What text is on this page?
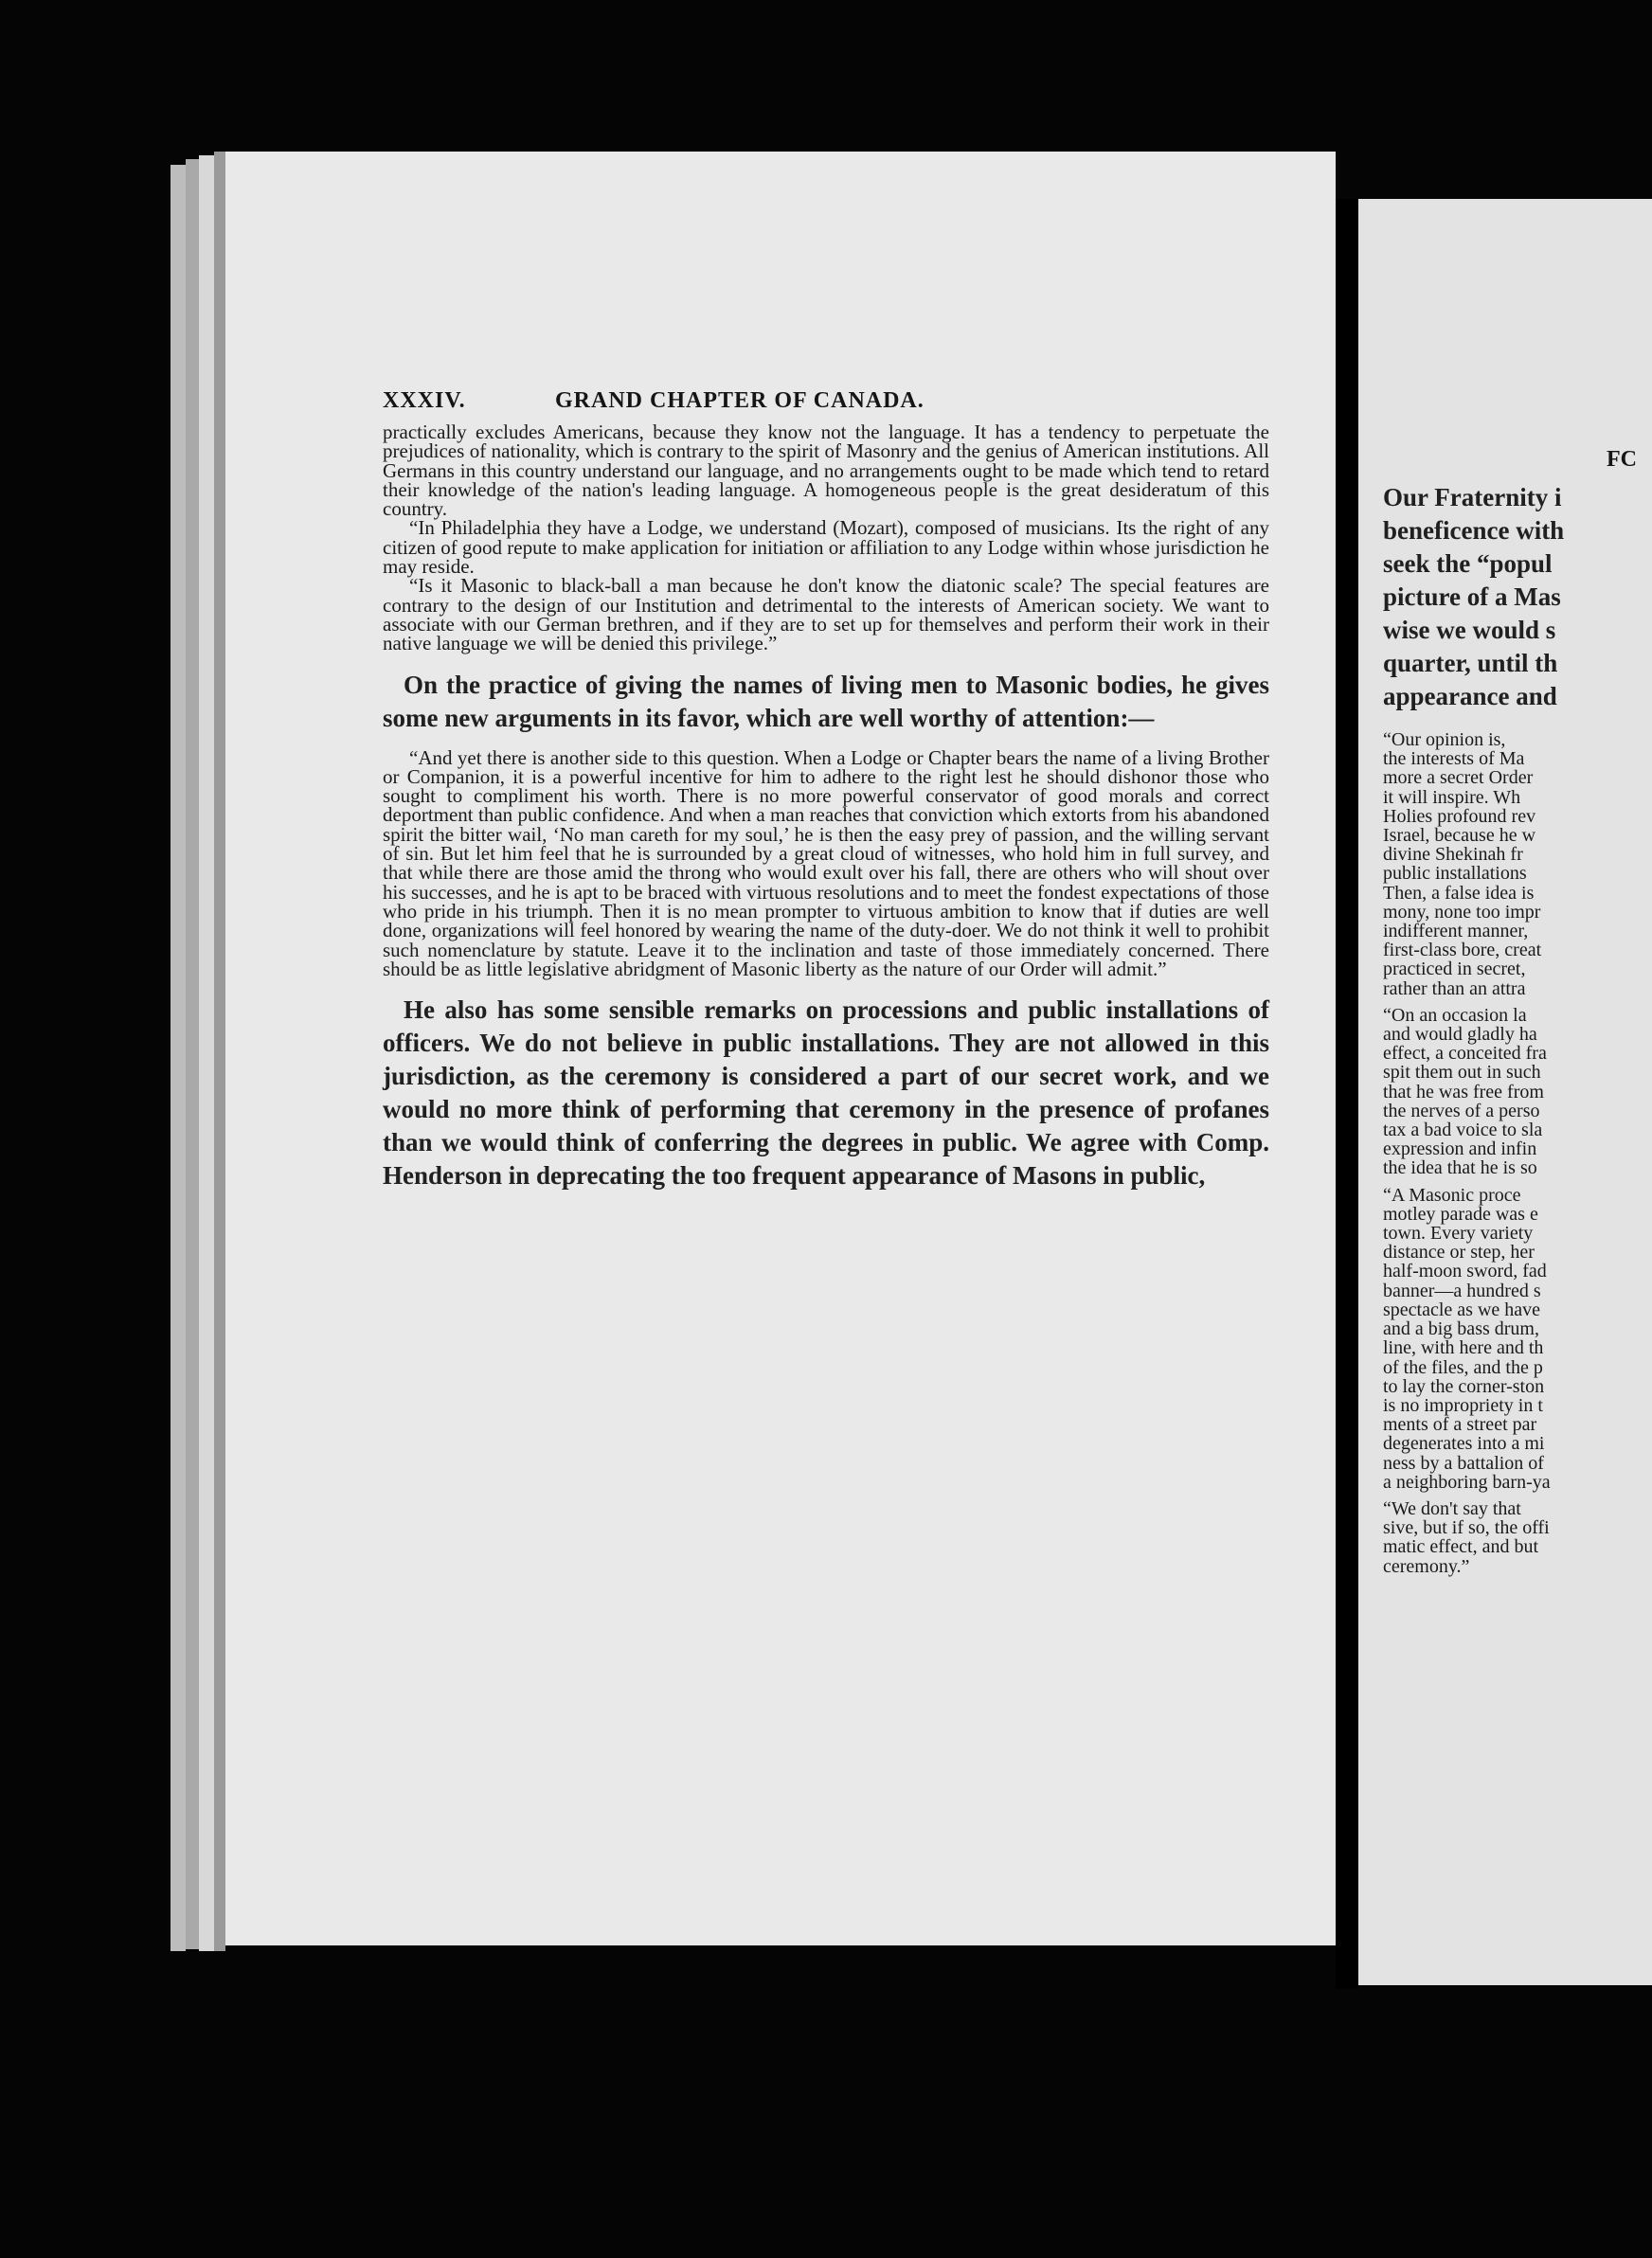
XXXIV.	GRAND CHAPTER OF CANADA.

practically excludes Americans, because they know not the language. It has a tendency to perpetuate the prejudices of nationality, which is contrary to the spirit of Masonry and the genius of American institutions. All Germans in this country understand our language, and no arrangements ought to be made which tend to retard their knowledge of the nation's leading language. A homogeneous people is the great desideratum of this country.

“In Philadelphia they have a Lodge, we understand (Mozart), composed of musicians. Its the right of any citizen of good repute to make application for initiation or affiliation to any Lodge within whose jurisdiction he may reside.

“Is it Masonic to black-ball a man because he don't know the diatonic scale? The special features are contrary to the design of our Institution and detrimental to the interests of American society. We want to associate with our German brethren, and if they are to set up for themselves and perform their work in their native language we will be denied this privilege.”

On the practice of giving the names of living men to Masonic bodies, he gives some new arguments in its favor, which are well worthy of attention:—

“And yet there is another side to this question. When a Lodge or Chapter bears the name of a living Brother or Companion, it is a powerful incentive for him to adhere to the right lest he should dishonor those who sought to compliment his worth. There is no more powerful conservator of good morals and correct deportment than public confidence. And when a man reaches that conviction which extorts from his abandoned spirit the bitter wail, ‘No man careth for my soul,’ he is then the easy prey of passion, and the willing servant of sin. But let him feel that he is surrounded by a great cloud of witnesses, who hold him in full survey, and that while there are those amid the throng who would exult over his fall, there are others who will shout over his successes, and he is apt to be braced with virtuous resolutions and to meet the fondest expectations of those who pride in his triumph. Then it is no mean prompter to virtuous ambition to know that if duties are well done, organizations will feel honored by wearing the name of the duty-doer. We do not think it well to prohibit such nomenclature by statute. Leave it to the inclination and taste of those immediately concerned. There should be as little legislative abridgment of Masonic liberty as the nature of our Order will admit.”

He also has some sensible remarks on processions and public installations of officers. We do not believe in public installations. They are not allowed in this jurisdiction, as the ceremony is considered a part of our secret work, and we would no more think of performing that ceremony in the presence of profanes than we would think of conferring the degrees in public. We agree with Comp. Henderson in deprecating the too frequent appearance of Masons in public,

FC

Our Fraternity i

beneficence with

seek the “popul

picture of a Mas

wise we would s

quarter, until th

appearance and

“Our opinion is,

the interests of Ma

more a secret Order

it will inspire. Wh

Holies profound rev

Israel, because he w

divine Shekinah fr

public installations

Then, a false idea is

mony, none too impr

indifferent manner,

first-class bore, creat

practiced in secret,

rather than an attra

“On an occasion la

and would gladly ha

effect, a conceited fra

spit them out in such

that he was free from

the nerves of a perso

tax a bad voice to sla

expression and infin

the idea that he is so

“A Masonic proce

motley parade was e

town. Every variety

distance or step, her

half-moon sword, fad

banner—a hundred s

spectacle as we have

and a big bass drum,

line, with here and th

of the files, and the p

to lay the corner-ston

is no impropriety in t

ments of a street par

degenerates into a mi

ness by a battalion of

a neighboring barn-ya

“We don't say that

sive, but if so, the offi

matic effect, and but

ceremony.”
